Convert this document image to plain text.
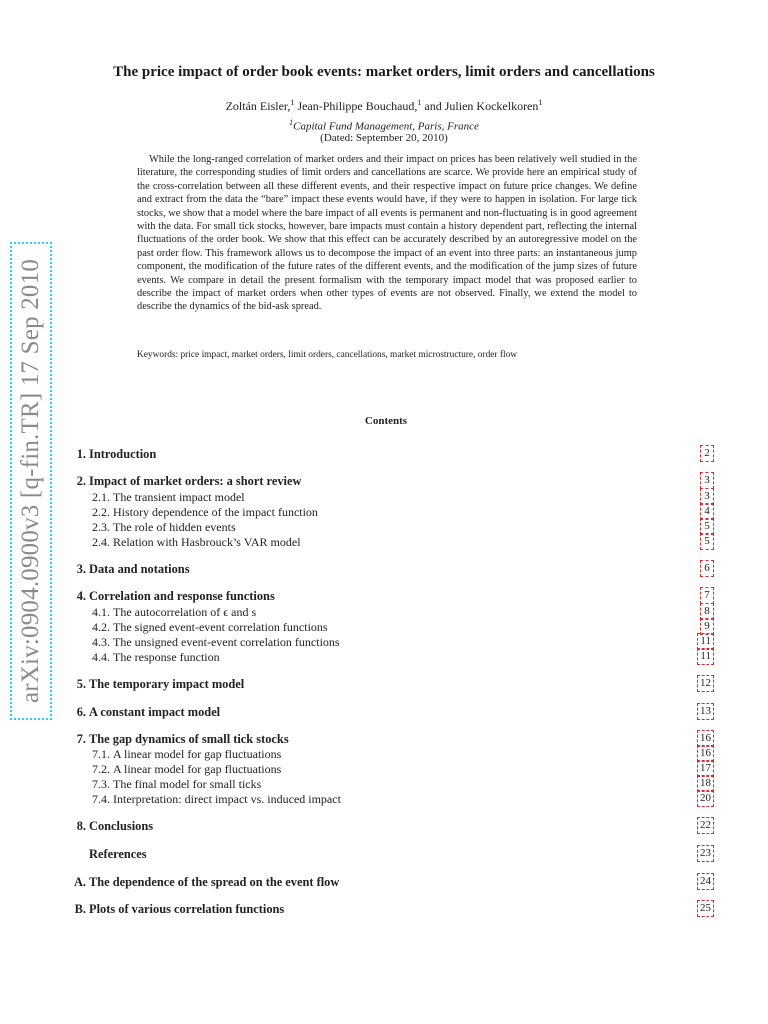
arXiv:0904.0900v3 [q-fin.TR] 17 Sep 2010
The price impact of order book events: market orders, limit orders and cancellations
Zoltán Eisler,$^1$ Jean-Philippe Bouchaud,$^1$ and Julien Kockelkoren$^1$
$^1$Capital Fund Management, Paris, France
(Dated: September 20, 2010)

While the long-ranged correlation of market orders and their impact on prices has been relatively well studied in the literature, the corresponding studies of limit orders and cancellations are scarce. We provide here an empirical study of the cross-correlation between all these different events, and their respective impact on future price changes. We define and extract from the data the “bare” impact these events would have, if they were to happen in isolation. For large tick stocks, we show that a model where the bare impact of all events is permanent and non-fluctuating is in good agreement with the data. For small tick stocks, however, bare impacts must contain a history dependent part, reflecting the internal fluctuations of the order book. We show that this effect can be accurately described by an autoregressive model on the past order flow. This framework allows us to decompose the impact of an event into three parts: an instantaneous jump component, the modification of the future rates of the different events, and the modification of the jump sizes of future events. We compare in detail the present formalism with the temporary impact model that was proposed earlier to describe the impact of market orders when other types of events are not observed. Finally, we extend the model to describe the dynamics of the bid-ask spread.

Keywords: price impact, market orders, limit orders, cancellations, market microstructure, order flow
Contents
1. Introduction	2
2. Impact of market orders: a short review	3
2.1. The transient impact model	3
2.2. History dependence of the impact function	4
2.3. The role of hidden events	5
2.4. Relation with Hasbrouck’s VAR model	5
3. Data and notations	6
4. Correlation and response functions	7
4.1. The autocorrelation of ϵ and s	8
4.2. The signed event-event correlation functions	9
4.3. The unsigned event-event correlation functions	11
4.4. The response function	11
5. The temporary impact model	12
6. A constant impact model	13
7. The gap dynamics of small tick stocks	16
7.1. A linear model for gap fluctuations	16
7.2. A linear model for gap fluctuations	17
7.3. The final model for small ticks	18
7.4. Interpretation: direct impact vs. induced impact	20
8. Conclusions	22
References	23
A. The dependence of the spread on the event flow	24
B. Plots of various correlation functions	25
